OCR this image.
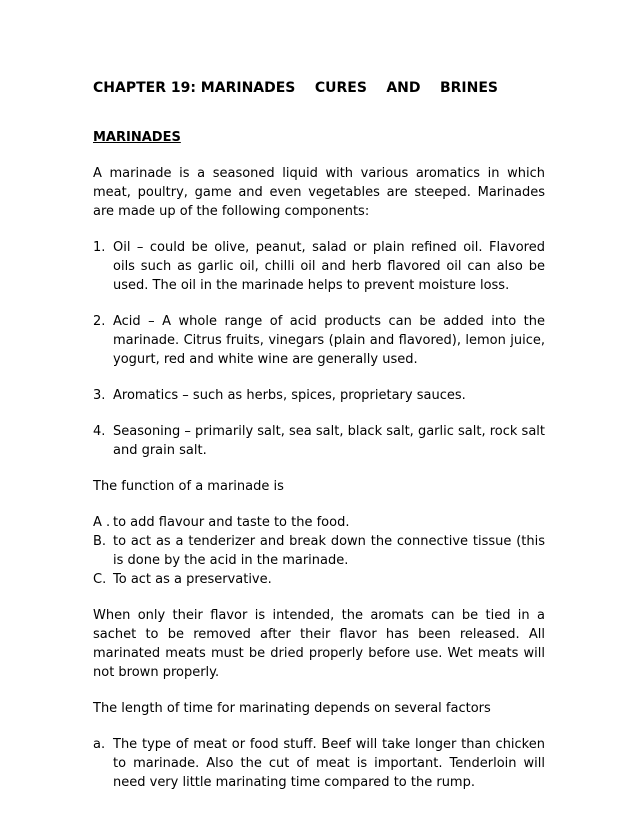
CHAPTER 19: MARINADES CURES AND BRINES
MARINADES

A marinade is a seasoned liquid with various aromatics in which meat, poultry, game and even vegetables are steeped. Marinades are made up of the following components:

1. Oil – could be olive, peanut, salad or plain refined oil. Flavored oils such as garlic oil, chilli oil and herb flavored oil can also be used. The oil in the marinade helps to prevent moisture loss.
2. Acid – A whole range of acid products can be added into the marinade. Citrus fruits, vinegars (plain and flavored), lemon juice, yogurt, red and white wine are generally used.
3. Aromatics – such as herbs, spices, proprietary sauces.
4. Seasoning – primarily salt, sea salt, black salt, garlic salt, rock salt and grain salt.

The function of a marinade is

A . to add flavour and taste to the food.
B. to act as a tenderizer and break down the connective tissue (this is done by the acid in the marinade.
C. To act as a preservative.

When only their flavor is intended, the aromats can be tied in a sachet to be removed after their flavor has been released. All marinated meats must be dried properly before use. Wet meats will not brown properly.

The length of time for marinating depends on several factors

a. The type of meat or food stuff. Beef will take longer than chicken to marinade. Also the cut of meat is important. Tenderloin will need very little marinating time compared to the rump.
